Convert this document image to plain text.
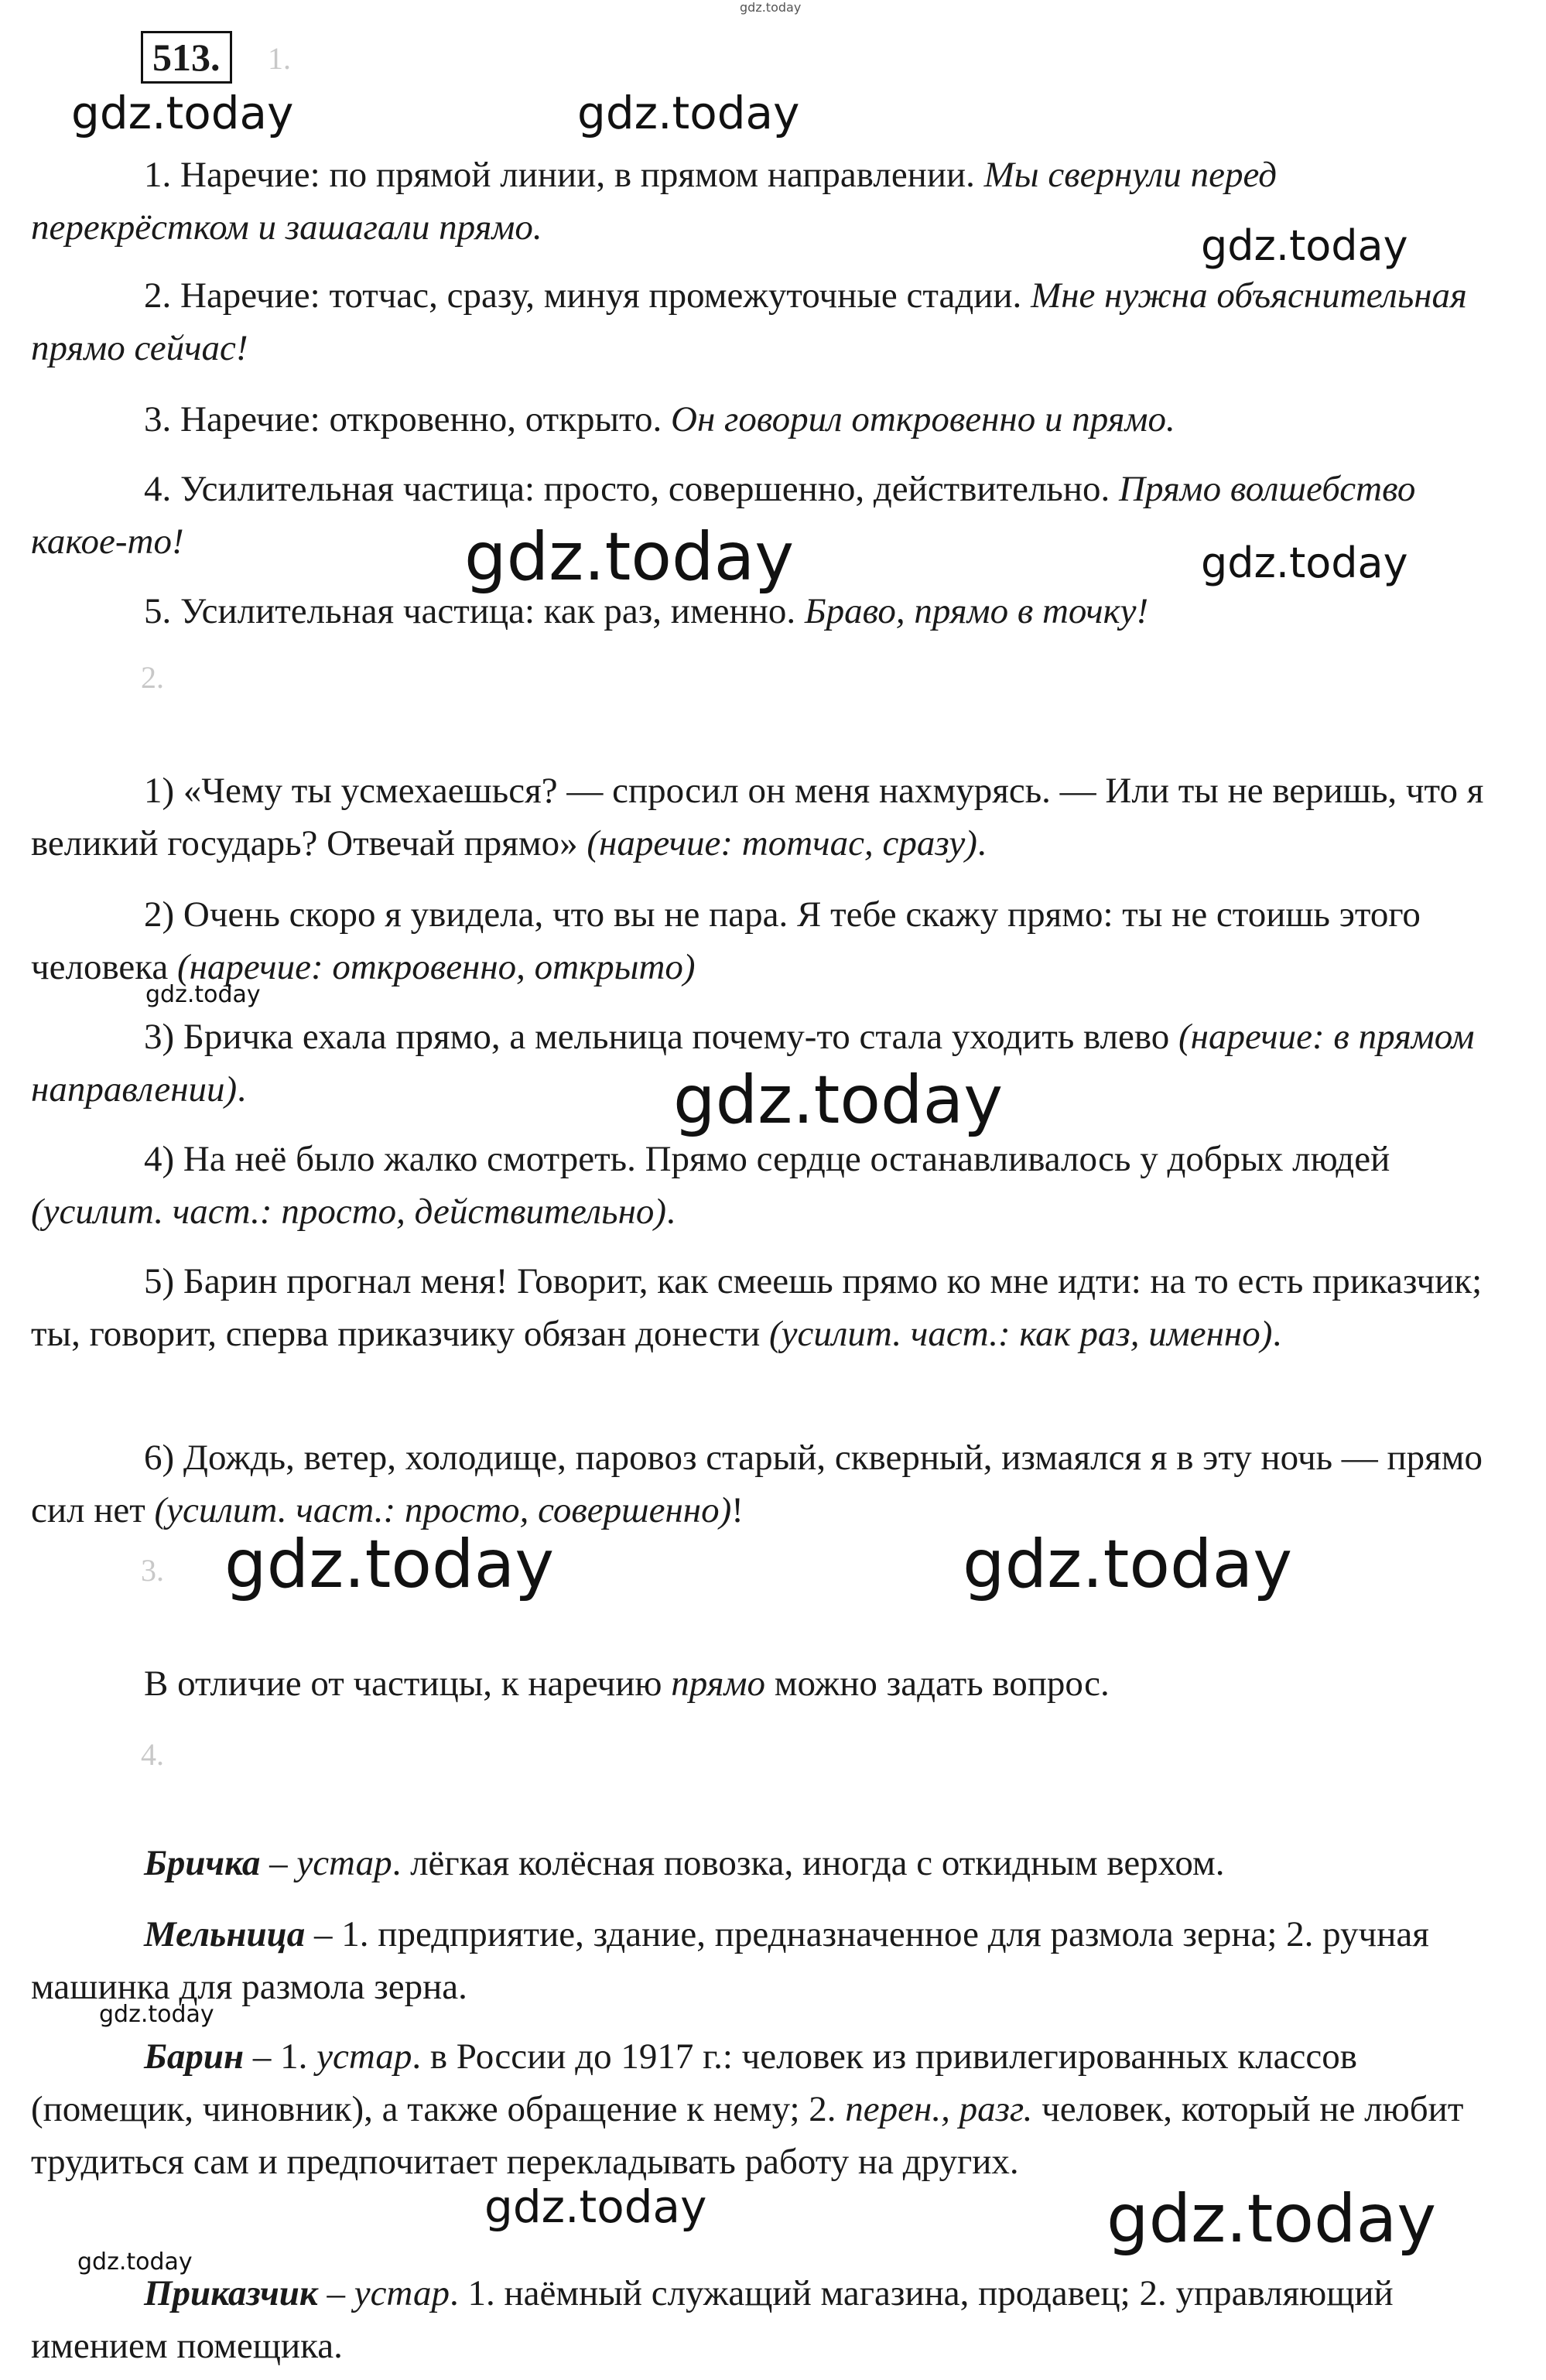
513.	1.
2.
3.
4.

1. Наречие: по прямой линии, в прямом направлении. Мы свернули перед перекрёстком и зашагали прямо.

2. Наречие: тотчас, сразу, минуя промежуточные стадии. Мне нужна объяснительная прямо сейчас!

3. Наречие: откровенно, открыто. Он говорил откровенно и прямо.

4. Усилительная частица: просто, совершенно, действительно. Прямо волшебство какое-то!

5. Усилительная частица: как раз, именно. Браво, прямо в точку!

1) «Чему ты усмехаешься? — спросил он меня нахмурясь. — Или ты не веришь, что я великий государь? Отвечай прямо» (наречие: тотчас, сразу).

2) Очень скоро я увидела, что вы не пара. Я тебе скажу прямо: ты не стоишь этого человека (наречие: откровенно, открыто)

3) Бричка ехала прямо, а мельница почему-то стала уходить влево (наречие: в прямом направлении).

4) На неё было жалко смотреть. Прямо сердце останавливалось у добрых людей (усилит. част.: просто, действительно).

5) Барин прогнал меня! Говорит, как смеешь прямо ко мне идти: на то есть приказчик; ты, говорит, сперва приказчику обязан донести (усилит. част.: как раз, именно).

6) Дождь, ветер, холодище, паровоз старый, скверный, измаялся я в эту ночь — прямо сил нет (усилит. част.: просто, совершенно)!

В отличие от частицы, к наречию прямо можно задать вопрос.

Бричка – устар. лёгкая колёсная повозка, иногда с откидным верхом.

Мельница – 1. предприятие, здание, предназначенное для размола зерна; 2. ручная машинка для размола зерна.

Барин – 1. устар. в России до 1917 г.: человек из привилегированных классов (помещик, чиновник), а также обращение к нему; 2. перен., разг. человек, который не любит трудиться сам и предпочитает перекладывать работу на других.

Приказчик – устар. 1. наёмный служащий магазина, продавец; 2. управляющий имением помещика.

gdz.today
gdz.today	gdz.today
gdz.today
gdz.today	gdz.today
gdz.today
gdz.today
gdz.today	gdz.today
gdz.today
gdz.today	gdz.today
gdz.today
